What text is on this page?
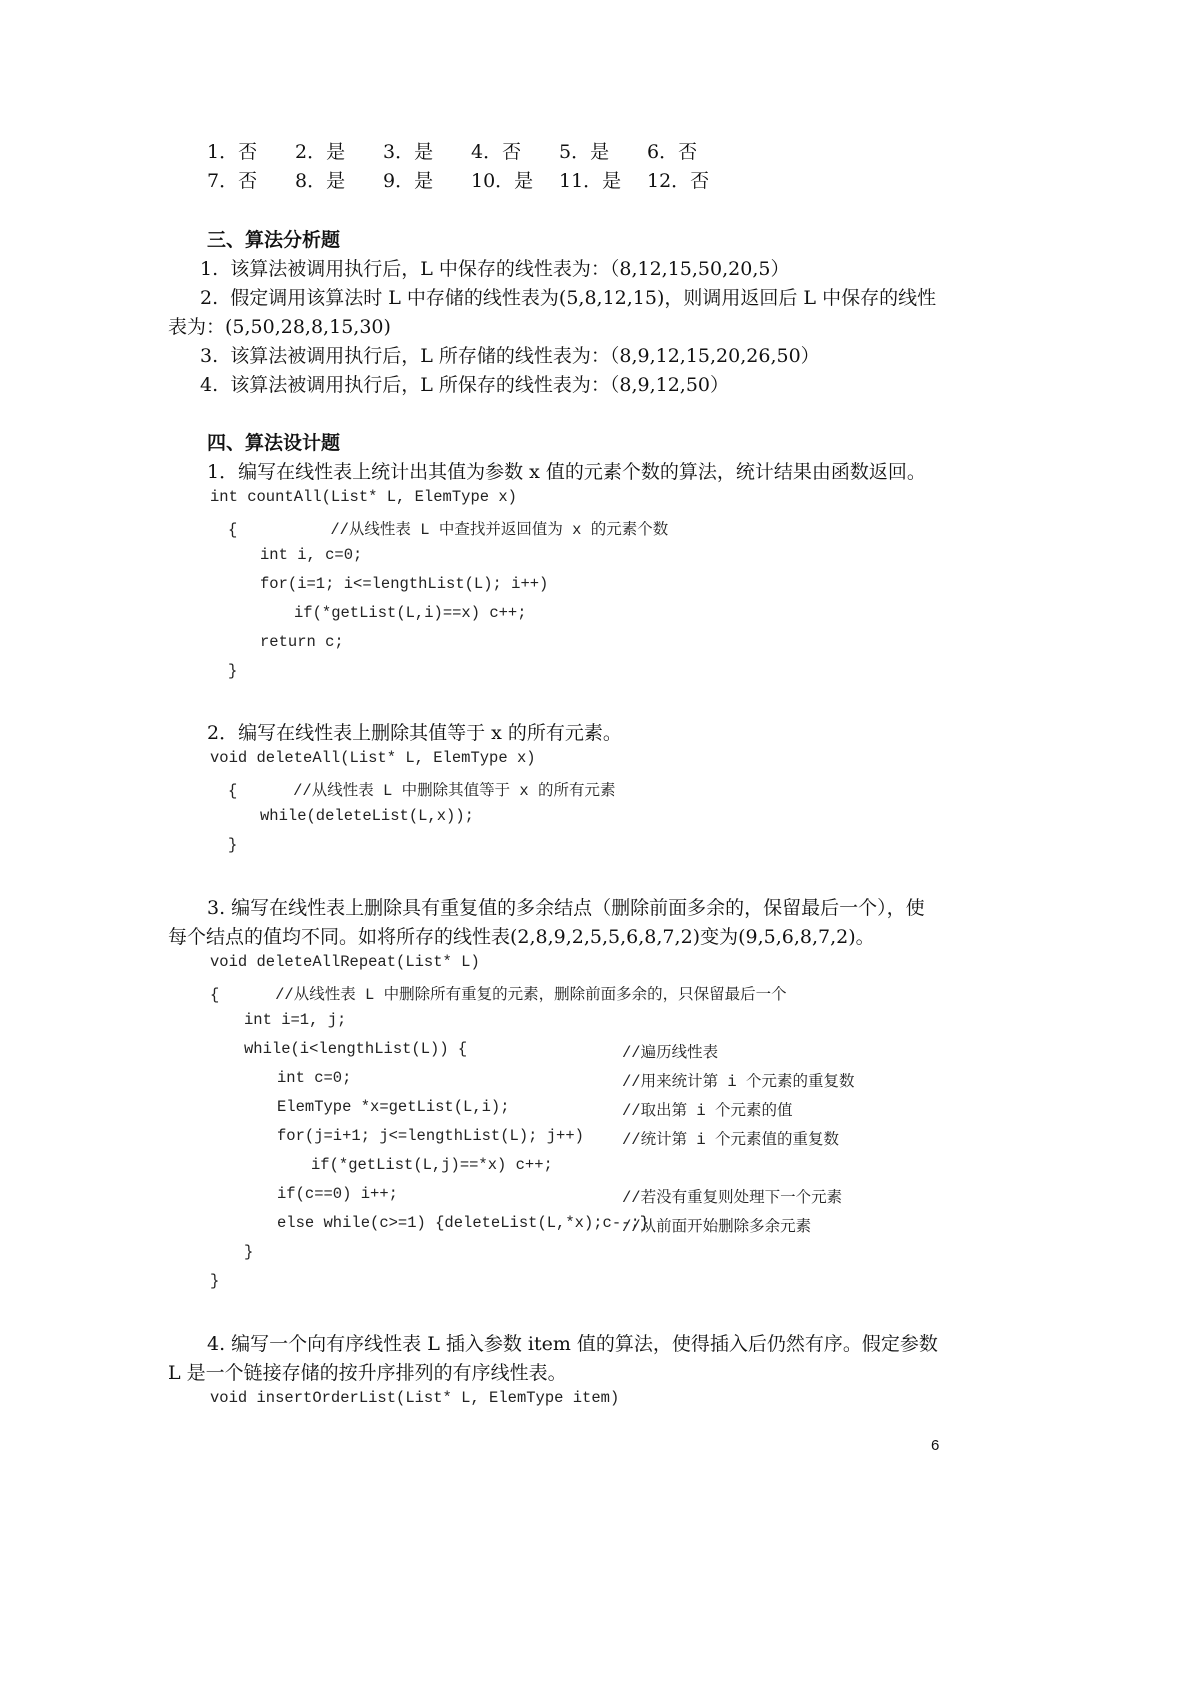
1．否 2．是 3．是 4．否 5．是 6．否
7．否 8．是 9．是 10．是 11．是 12．否
三、算法分析题
1.  该算法被调用执行后，L 中保存的线性表为：（8,12,15,50,20,5）
2.  假定调用该算法时 L 中存储的线性表为(5,8,12,15)，则调用返回后 L 中保存的线性
表为：(5,50,28,8,15,30)
3.  该算法被调用执行后，L 所存储的线性表为：（8,9,12,15,20,26,50）
4.  该算法被调用执行后，L 所保存的线性表为：（8,9,12,50）
四、算法设计题
1．编写在线性表上统计出其值为参数 x 值的元素个数的算法，统计结果由函数返回。
int countAll(List* L, ElemType x)
{          //从线性表 L 中查找并返回值为 x 的元素个数
int i, c=0;
for(i=1; i<=lengthList(L); i++)
if(*getList(L,i)==x) c++;
return c;
}
2．编写在线性表上删除其值等于 x 的所有元素。
void deleteAll(List* L, ElemType x)
{      //从线性表 L 中删除其值等于 x 的所有元素
while(deleteList(L,x));
}
3. 编写在线性表上删除具有重复值的多余结点（删除前面多余的，保留最后一个），使
每个结点的值均不同。如将所存的线性表(2,8,9,2,5,5,6,8,7,2)变为(9,5,6,8,7,2)。
void deleteAllRepeat(List* L)
{      //从线性表 L 中删除所有重复的元素，删除前面多余的，只保留最后一个
int i=1, j;
while(i<lengthList(L)) {
int c=0;
ElemType *x=getList(L,i);
for(j=i+1; j<=lengthList(L); j++)
if(*getList(L,j)==*x) c++;
if(c==0) i++;
else while(c>=1) {deleteList(L,*x);c--;}
}
}
//遍历线性表
//用来统计第 i 个元素的重复数
//取出第 i 个元素的值
//统计第 i 个元素值的重复数
//若没有重复则处理下一个元素
//从前面开始删除多余元素
4. 编写一个向有序线性表 L 插入参数 item 值的算法，使得插入后仍然有序。假定参数
L 是一个链接存储的按升序排列的有序线性表。
void insertOrderList(List* L, ElemType item)
6
